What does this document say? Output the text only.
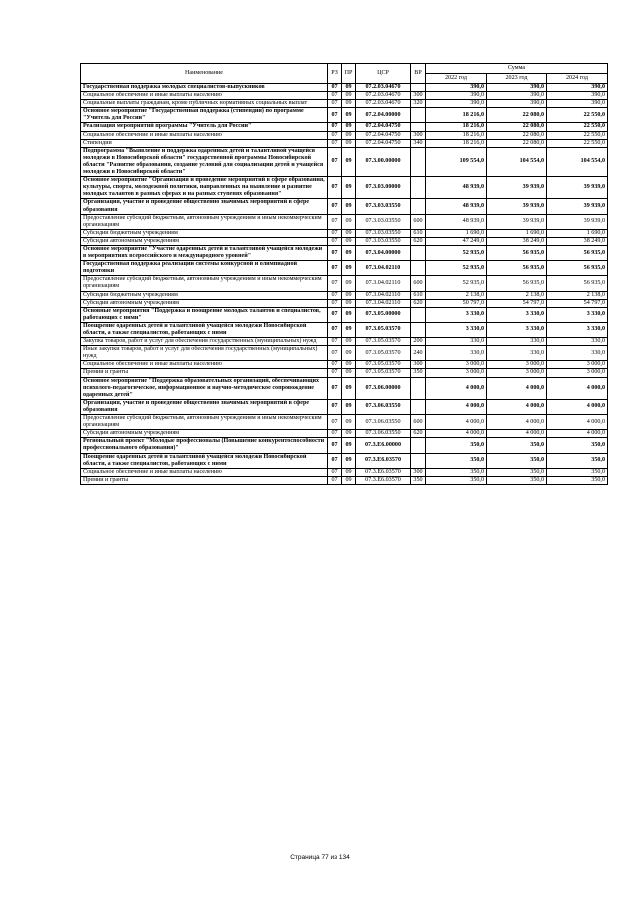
Наименование	РЗ	ПР	ЦСР	ВР	Сумма		
					2022 год	2023 год	2024 год
Государственная поддержка молодых специалистов-выпускников	07	09	07.2.03.04670		390,0	390,0	390,0
Социальное обеспечение и иные выплаты населению	07	09	07.2.03.04670	300	390,0	390,0	390,0
Социальные выплаты гражданам, кроме публичных нормативных социальных выплат	07	09	07.2.03.04670	320	390,0	390,0	390,0
Основное мероприятие "Государственная поддержка (стипендии) по программе "Учитель для России"	07	09	07.2.04.00000		18 216,0	22 080,0	22 550,0
Реализация мероприятий программы "Учитель для России"	07	09	07.2.04.04750		18 216,0	22 080,0	22 550,0
Социальное обеспечение и иные выплаты населению	07	09	07.2.04.04750	300	18 216,0	22 080,0	22 550,0
Стипендии	07	09	07.2.04.04750	340	18 216,0	22 080,0	22 550,0
Подпрограмма "Выявление и поддержка одаренных детей и талантливой учащейся молодежи в Новосибирской области" государственной программы Новосибирской области "Развитие образования, создание условий для социализации детей и учащейся молодежи в Новосибирской области"	07	09	07.3.00.00000		109 554,0	104 554,0	104 554,0
Основное мероприятие "Организация и проведение мероприятий в сфере образования, культуры, спорта, молодежной политики, направленных на выявление и развитие молодых талантов в разных сферах и на разных ступенях образования"	07	09	07.3.03.00000		48 939,0	39 939,0	39 939,0
Организация, участие и проведение общественно значимых мероприятий в сфере образования	07	09	07.3.03.03550		48 939,0	39 939,0	39 939,0
Предоставление субсидий бюджетным, автономным учреждениям и иным некоммерческим организациям	07	09	07.3.03.03550	600	48 939,0	39 939,0	39 939,0
Субсидии бюджетным учреждениям	07	09	07.3.03.03550	610	1 690,0	1 690,0	1 690,0
Субсидии автономным учреждениям	07	09	07.3.03.03550	620	47 249,0	38 249,0	38 249,0
Основное мероприятие "Участие одаренных детей и талантливой учащейся молодежи в мероприятиях всероссийского и международного уровней"	07	09	07.3.04.00000		52 935,0	56 935,0	56 935,0
Государственная поддержка реализации системы конкурсной и олимпиадной подготовки	07	09	07.3.04.02110		52 935,0	56 935,0	56 935,0
Предоставление субсидий бюджетным, автономным учреждениям и иным некоммерческим организациям	07	09	07.3.04.02110	600	52 935,0	56 935,0	56 935,0
Субсидии бюджетным учреждениям	07	09	07.3.04.02110	610	2 138,0	2 138,0	2 138,0
Субсидии автономным учреждениям	07	09	07.3.04.02110	620	50 797,0	54 797,0	54 797,0
Основные мероприятия "Поддержка и поощрение молодых талантов и специалистов, работающих с ними"	07	09	07.3.05.00000		3 330,0	3 330,0	3 330,0
Поощрение одаренных детей и талантливой учащейся молодежи Новосибирской области, а также специалистов, работающих с ними	07	09	07.3.05.03570		3 330,0	3 330,0	3 330,0
Закупка товаров, работ и услуг для обеспечения государственных (муниципальных) нужд	07	09	07.3.05.03570	200	330,0	330,0	330,0
Иные закупки товаров, работ и услуг для обеспечения государственных (муниципальных) нужд	07	09	07.3.05.03570	240	330,0	330,0	330,0
Социальное обеспечение и иные выплаты населению	07	09	07.3.05.03570	300	3 000,0	3 000,0	3 000,0
Премии и гранты	07	09	07.3.05.03570	350	3 000,0	3 000,0	3 000,0
Основное мероприятие "Поддержка образовательных организаций, обеспечивающих психолого-педагогическое, информационное и научно-методическое сопровождение одаренных детей"	07	09	07.3.06.00000		4 000,0	4 000,0	4 000,0
Организация, участие и проведение общественно значимых мероприятий в сфере образования	07	09	07.3.06.03550		4 000,0	4 000,0	4 000,0
Предоставление субсидий бюджетным, автономным учреждениям и иным некоммерческим организациям	07	09	07.3.06.03550	600	4 000,0	4 000,0	4 000,0
Субсидии автономным учреждениям	07	09	07.3.06.03550	620	4 000,0	4 000,0	4 000,0
Региональный проект "Молодые профессионалы (Повышение конкурентоспособности профессионального образования)"	07	09	07.3.E6.00000		350,0	350,0	350,0
Поощрение одаренных детей и талантливой учащейся молодежи Новосибирской области, а также специалистов, работающих с ними	07	09	07.3.E6.03570		350,0	350,0	350,0
Социальное обеспечение и иные выплаты населению	07	09	07.3.E6.03570	300	350,0	350,0	350,0
Премии и гранты	07	09	07.3.E6.03570	350	350,0	350,0	350,0
Страница 77 из 134
